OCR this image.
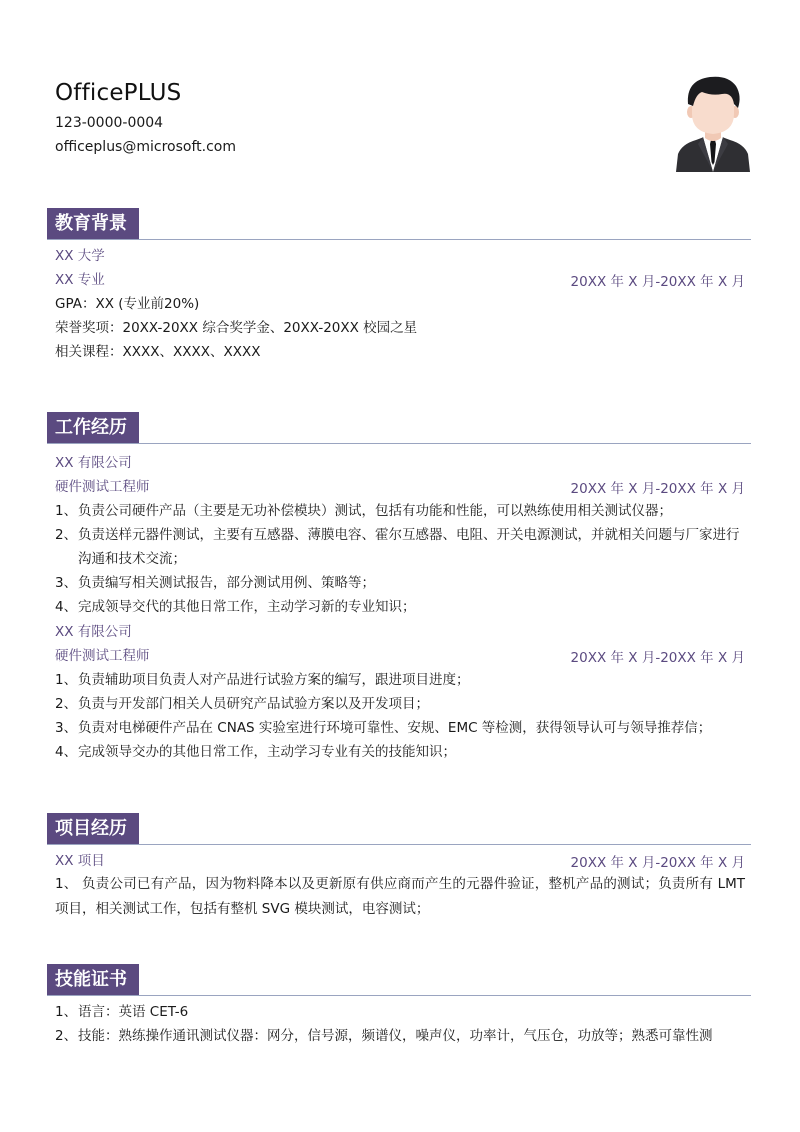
OfficePLUS
123-0000-0004
officeplus@microsoft.com
教育背景
XX 大学
XX 专业	20XX 年 X 月-20XX 年 X 月
GPA：XX (专业前20%)
荣誉奖项：20XX-20XX 综合奖学金、20XX-20XX 校园之星
相关课程：XXXX、XXXX、XXXX
工作经历
XX 有限公司
硬件测试工程师	20XX 年 X 月-20XX 年 X 月
1、 负责公司硬件产品（主要是无功补偿模块）测试，包括有功能和性能，可以熟练使用相关测试仪器；
2、 负责送样元器件测试，主要有互感器、薄膜电容、霍尔互感器、电阻、开关电源测试，并就相关问题与厂家进行沟通和技术交流；
3、 负责编写相关测试报告，部分测试用例、策略等；
4、 完成领导交代的其他日常工作，主动学习新的专业知识；
XX 有限公司
硬件测试工程师	20XX 年 X 月-20XX 年 X 月
1、 负责辅助项目负责人对产品进行试验方案的编写，跟进项目进度；
2、 负责与开发部门相关人员研究产品试验方案以及开发项目；
3、 负责对电梯硬件产品在 CNAS 实验室进行环境可靠性、安规、EMC 等检测，获得领导认可与领导推荐信；
4、 完成领导交办的其他日常工作，主动学习专业有关的技能知识；
项目经历
XX 项目	20XX 年 X 月-20XX 年 X 月
1、 负责公司已有产品，因为物料降本以及更新原有供应商而产生的元器件验证，整机产品的测试；负责所有 LMT 项目，相关测试工作，包括有整机 SVG 模块测试，电容测试；
技能证书
1、 语言：英语 CET-6
2、 技能：熟练操作通讯测试仪器：网分，信号源，频谱仪，噪声仪，功率计，气压仓，功放等；熟悉可靠性测
